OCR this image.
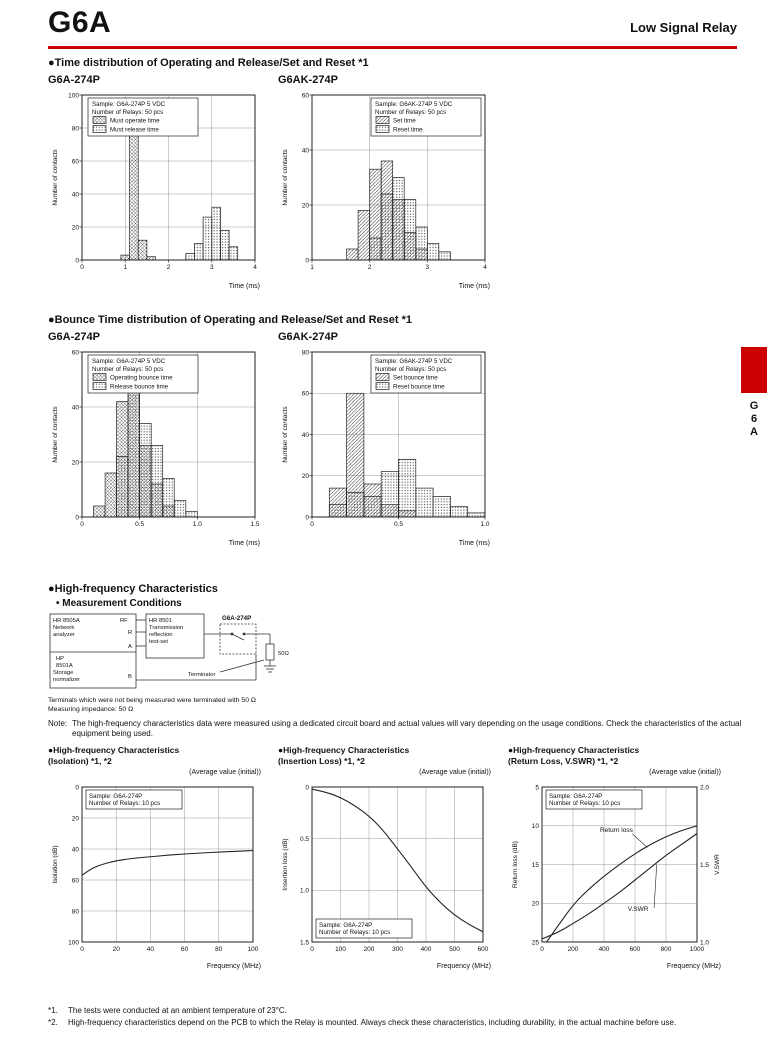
G6A	Low Signal Relay
●Time distribution of Operating and Release/Set and Reset *1
G6A-274P
0	1	2	3	4
0
20
40
60
80
100
Number of contacts
Time (ms)
Sample: G6A-274P 5 VDC
Number of Relays: 50 pcs
Must operate time
Must release time
G6AK-274P
1	2	3	4
0
20
40
60
Number of contacts
Time (ms)
Sample: G6AK-274P 5 VDC
Number of Relays: 50 pcs
Set time
Reset time
●Bounce Time distribution of Operating and Release/Set and Reset *1
G6A-274P
0	0.5	1.0	1.5
0
20
40
60
Number of contacts
Time (ms)
Sample: G6A-274P 5 VDC
Number of Relays: 50 pcs
Operating bounce time
Release bounce time
G6AK-274P
0	0.5	1.0
0
20
40
60
80
Number of contacts
Time (ms)
Sample: G6AK-274P 5 VDC
Number of Relays: 50 pcs
Set bounce time
Reset bounce time
●High-frequency Characteristics
• Measurement Conditions
HR 8505A
Network
analyzer
HP
8501A
Storage
normalizer
RF
R
A
B
HR 8501
Transmission
reflection
test-set
G6A-274P
50Ω
Terminator
Terminals which were not being measured were terminated with 50 Ω
Measuring impedance: 50 Ω
Note: The high-frequency characteristics data were measured using a dedicated circuit board and actual values will vary depending on the usage conditions. Check the characteristics of the actual equipment being used.
●High-frequency Characteristics
(Isolation) *1, *2
(Average value (initial))
0	20	40	60	80	100
0
20
40
60
80
100
Isolation (dB)
Frequency (MHz)
Sample: G6A-274P
Number of Relays: 10 pcs
●High-frequency Characteristics
(Insertion Loss) *1, *2
(Average value (initial))
0	100	200	300	400	500	600
0
0.5
1.0
1.5
Insertion loss (dB)
Frequency (MHz)
Sample: G6A-274P
Number of Relays: 10 pcs
●High-frequency Characteristics
(Return Loss, V.SWR) *1, *2
(Average value (initial))
0	200	400	600	800	1000
5
10
15
20
25
2.0
1.5
1.0
Return loss (dB)	V.SWR
Frequency (MHz)
Return loss
V.SWR
Sample: G6A-274P
Number of Relays: 10 pcs
*1.	The tests were conducted at an ambient temperature of 23°C.
*2.	High-frequency characteristics depend on the PCB to which the Relay is mounted. Always check these characteristics, including durability, in the actual machine before use.
G
6
A
